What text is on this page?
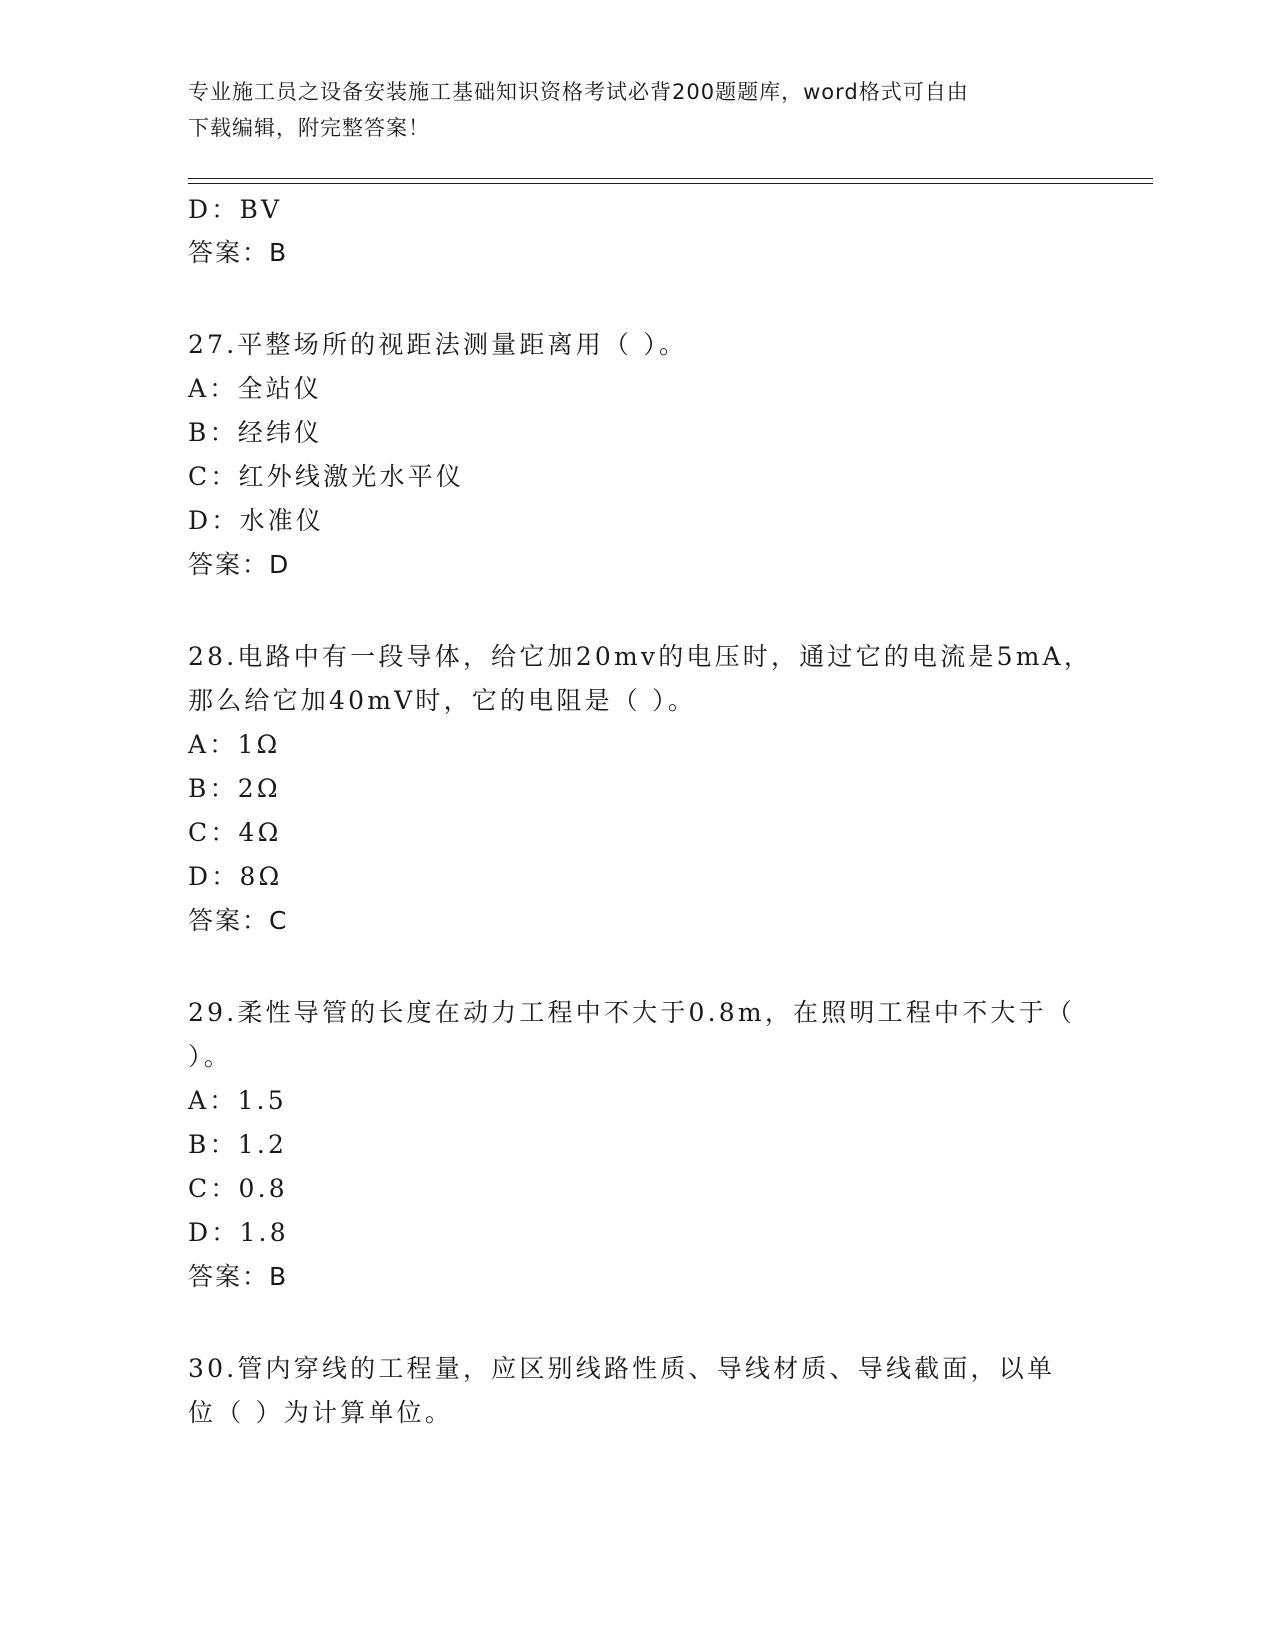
专业施工员之设备安装施工基础知识资格考试必背200题题库，word格式可自由
下载编辑，附完整答案！
D：BV
答案：B
27.平整场所的视距法测量距离用（ ）。
A：全站仪
B：经纬仪
C：红外线激光水平仪
D：水准仪
答案：D
28.电路中有一段导体，给它加20mv的电压时，通过它的电流是5mA，
那么给它加40mV时，它的电阻是（ ）。
A：1Ω
B：2Ω
C：4Ω
D：8Ω
答案：C
29.柔性导管的长度在动力工程中不大于0.8m，在照明工程中不大于（
）。
A：1.5
B：1.2
C：0.8
D：1.8
答案：B
30.管内穿线的工程量，应区别线路性质、导线材质、导线截面，以单
位（ ）为计算单位。
